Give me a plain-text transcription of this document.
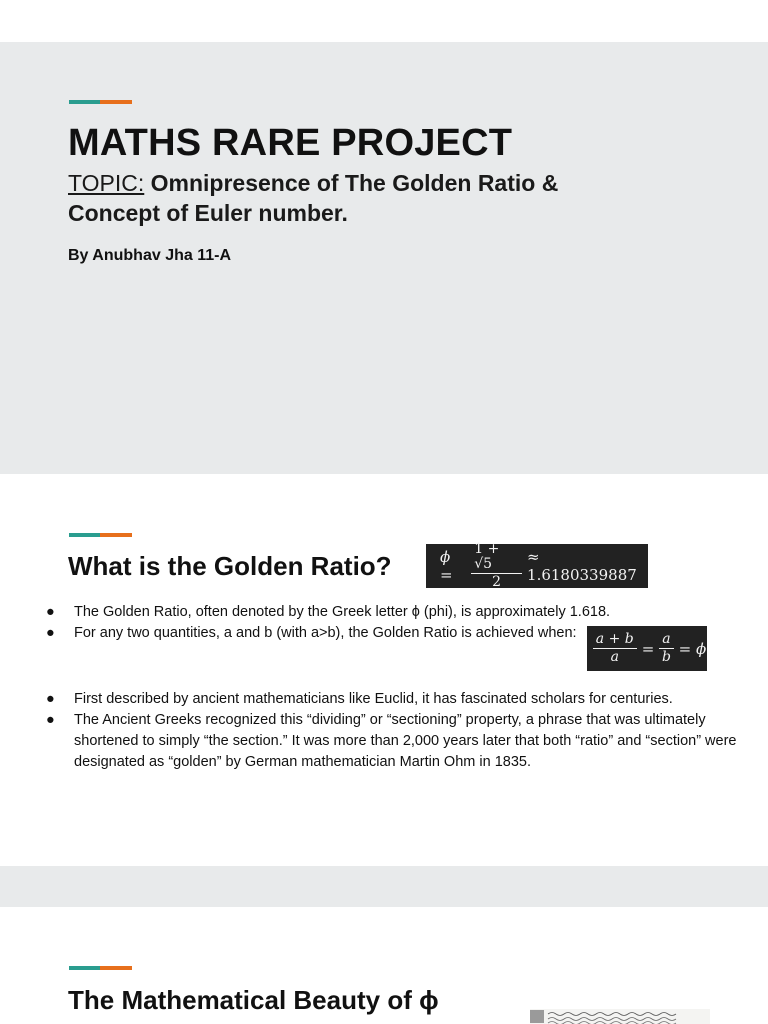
MATHS RARE PROJECT
TOPIC: Omnipresence of The Golden Ratio & Concept of Euler number.
By Anubhav Jha 11-A
What is the Golden Ratio?	ϕ =	$\frac{1 + √5}{2} \approx 1.6180339887$
● The Golden Ratio, often denoted by the Greek letter ϕ (phi), is approximately 1.618.
● For any two quantities, a and b (with a>b), the Golden Ratio is achieved when:	$\frac{a + b}{a} = \frac{a}{b} = \phi$
● First described by ancient mathematicians like Euclid, it has fascinated scholars for centuries.
● The Ancient Greeks recognized this “dividing” or “sectioning” property, a phrase that was ultimately shortened to simply “the section.” It was more than 2,000 years later that both “ratio” and “section” were designated as “golden” by German mathematician Martin Ohm in 1835.
The Mathematical Beauty of ϕ
